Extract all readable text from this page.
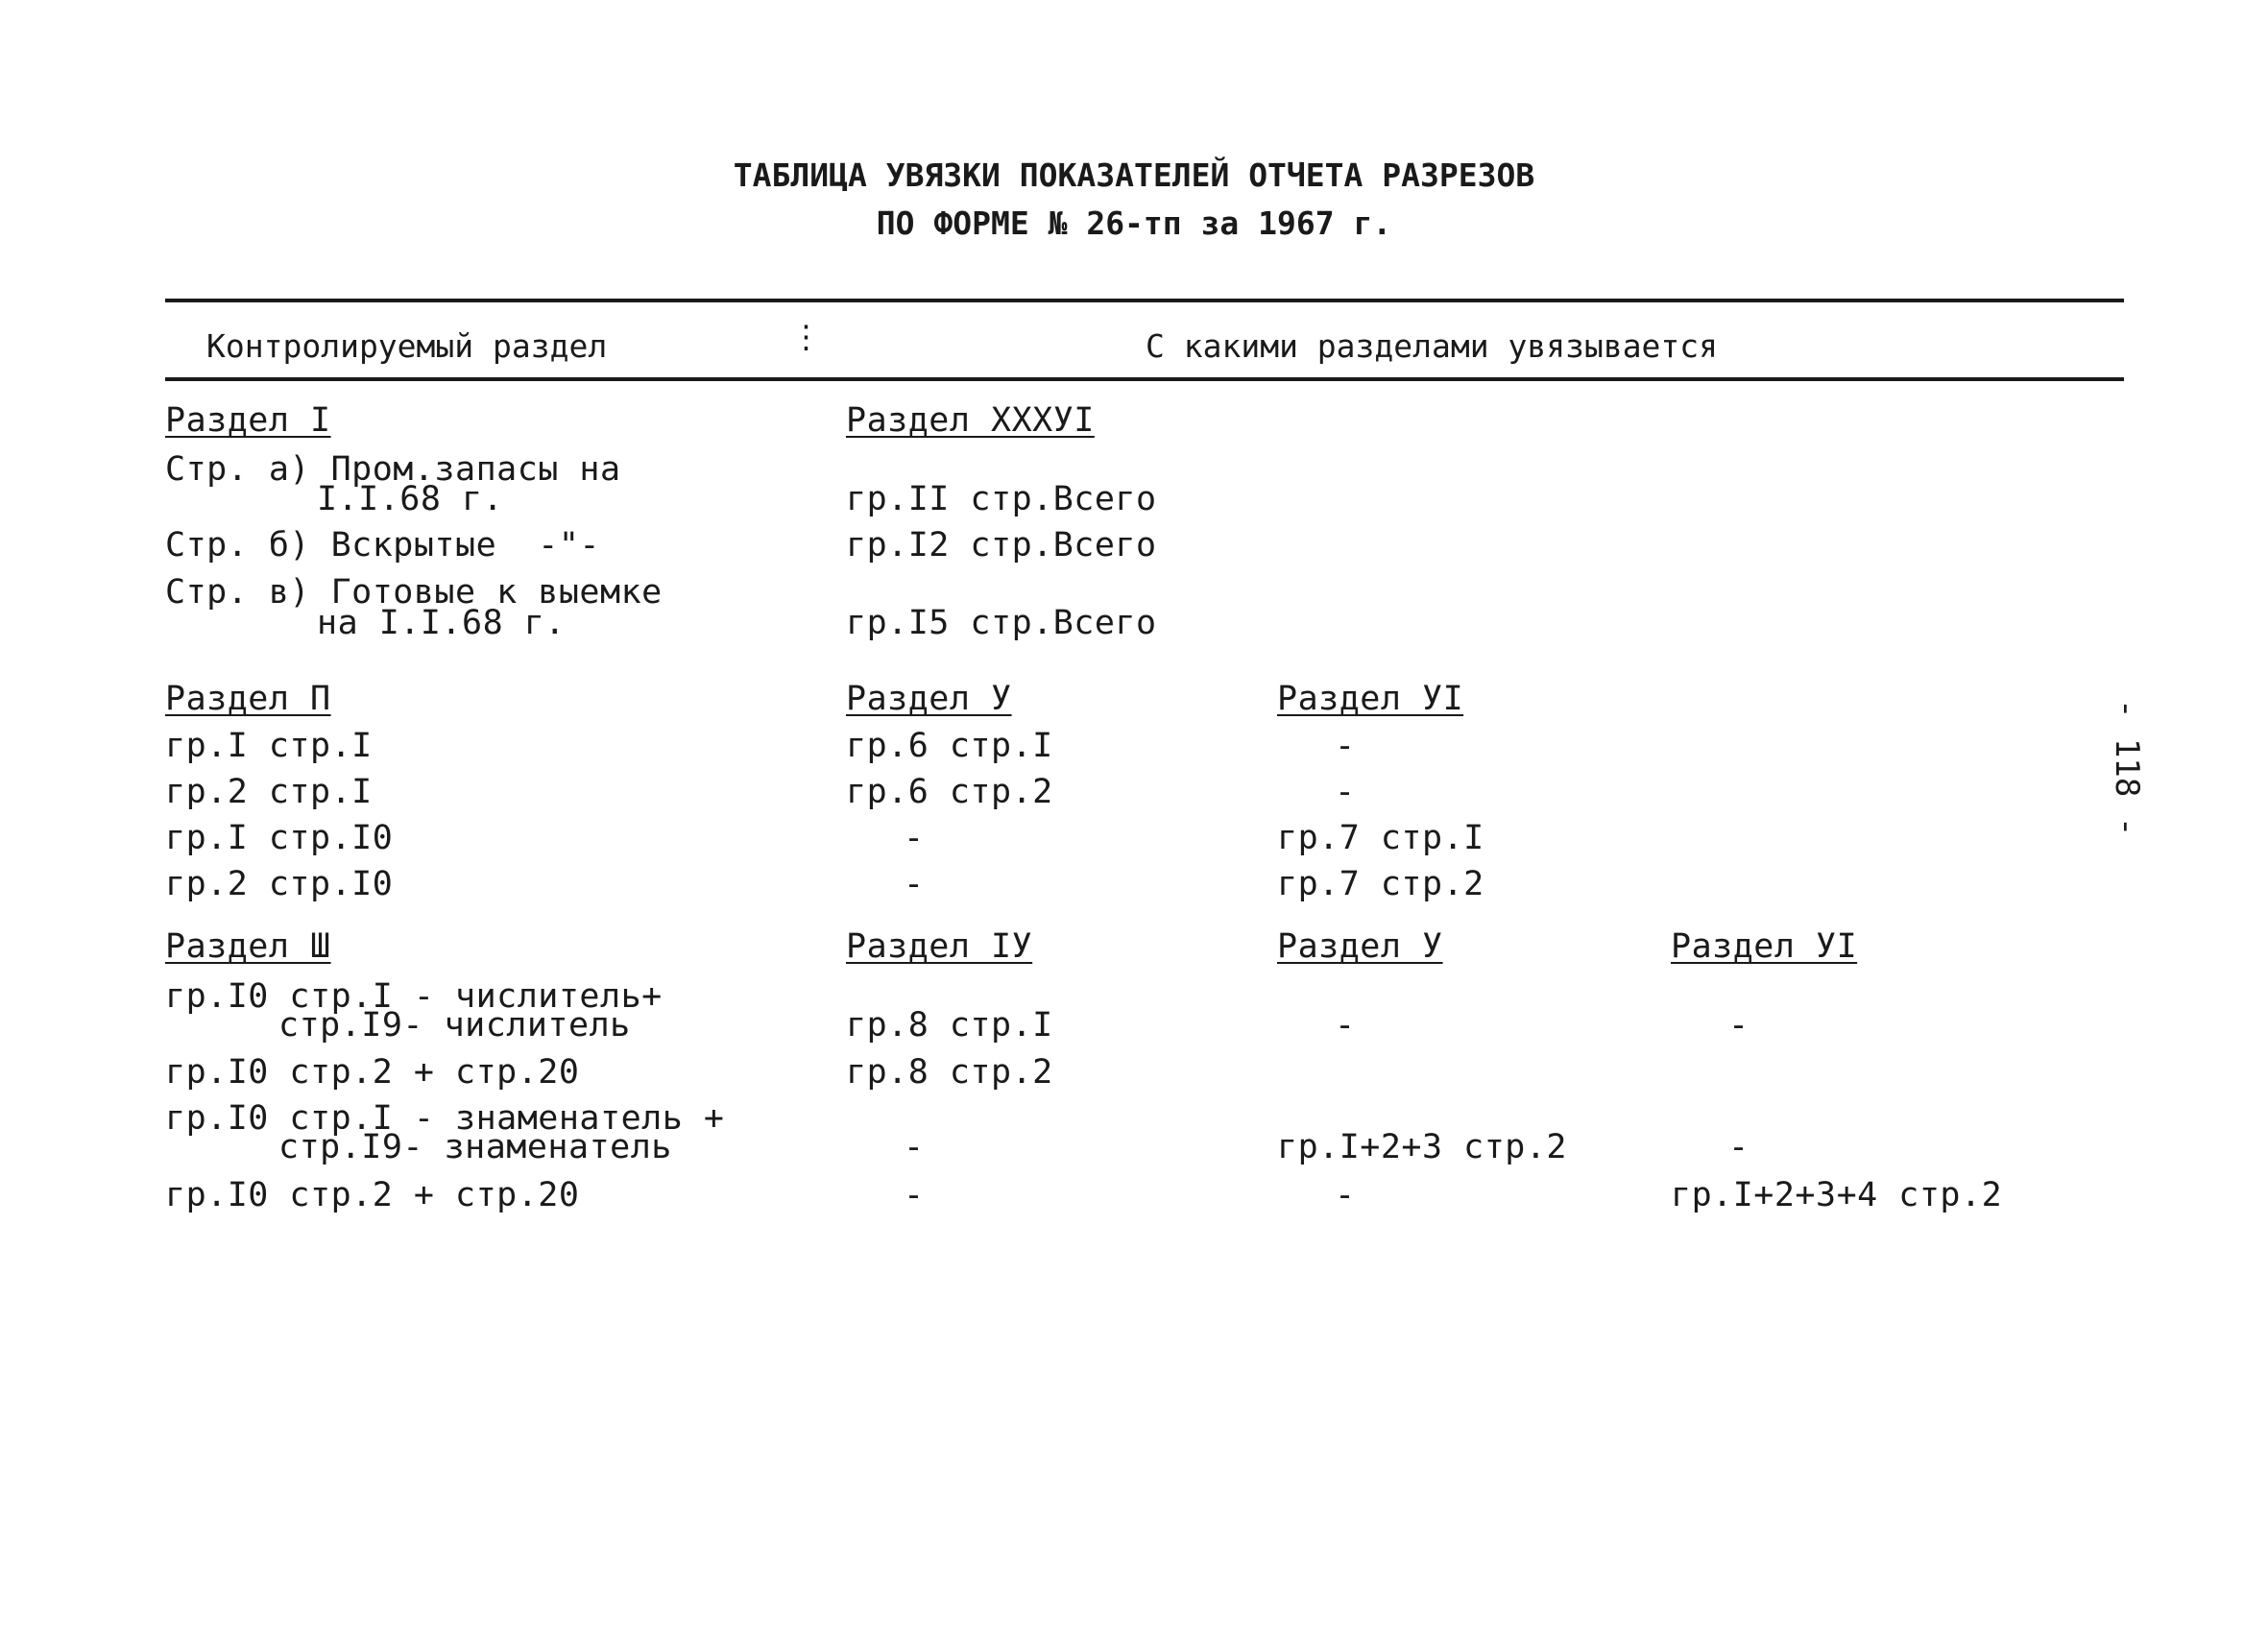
ТАБЛИЦА УВЯЗКИ ПОКАЗАТЕЛЕЙ ОТЧЕТА РАЗРЕЗОВ
ПО ФОРМЕ № 26-тп за 1967 г.
Контролируемый раздел	⋮	С какими разделами увязывается
Раздел I	Раздел XXXУI
Стр. а) Пром.запасы на
I.I.68 г.	гр.II стр.Всего
Стр. б) Вскрытые  -"-	гр.I2 стр.Всего
Стр. в) Готовые к выемке
на I.I.68 г.	гр.I5 стр.Всего
Раздел П	Раздел У	Раздел УI
гр.I стр.I	гр.6 стр.I	-
гр.2 стр.I	гр.6 стр.2	-
гр.I стр.I0	-	гр.7 стр.I
гр.2 стр.I0	-	гр.7 стр.2
Раздел Ш	Раздел IУ	Раздел У	Раздел УI
гр.I0 стр.I - числитель+
стр.I9- числитель	гр.8 стр.I	-	-
гр.I0 стр.2 + стр.20	гр.8 стр.2
гр.I0 стр.I - знаменатель +
стр.I9- знаменатель	-	гр.I+2+3 стр.2	-
гр.I0 стр.2 + стр.20	-	-	гр.I+2+3+4 стр.2
- 118 -
